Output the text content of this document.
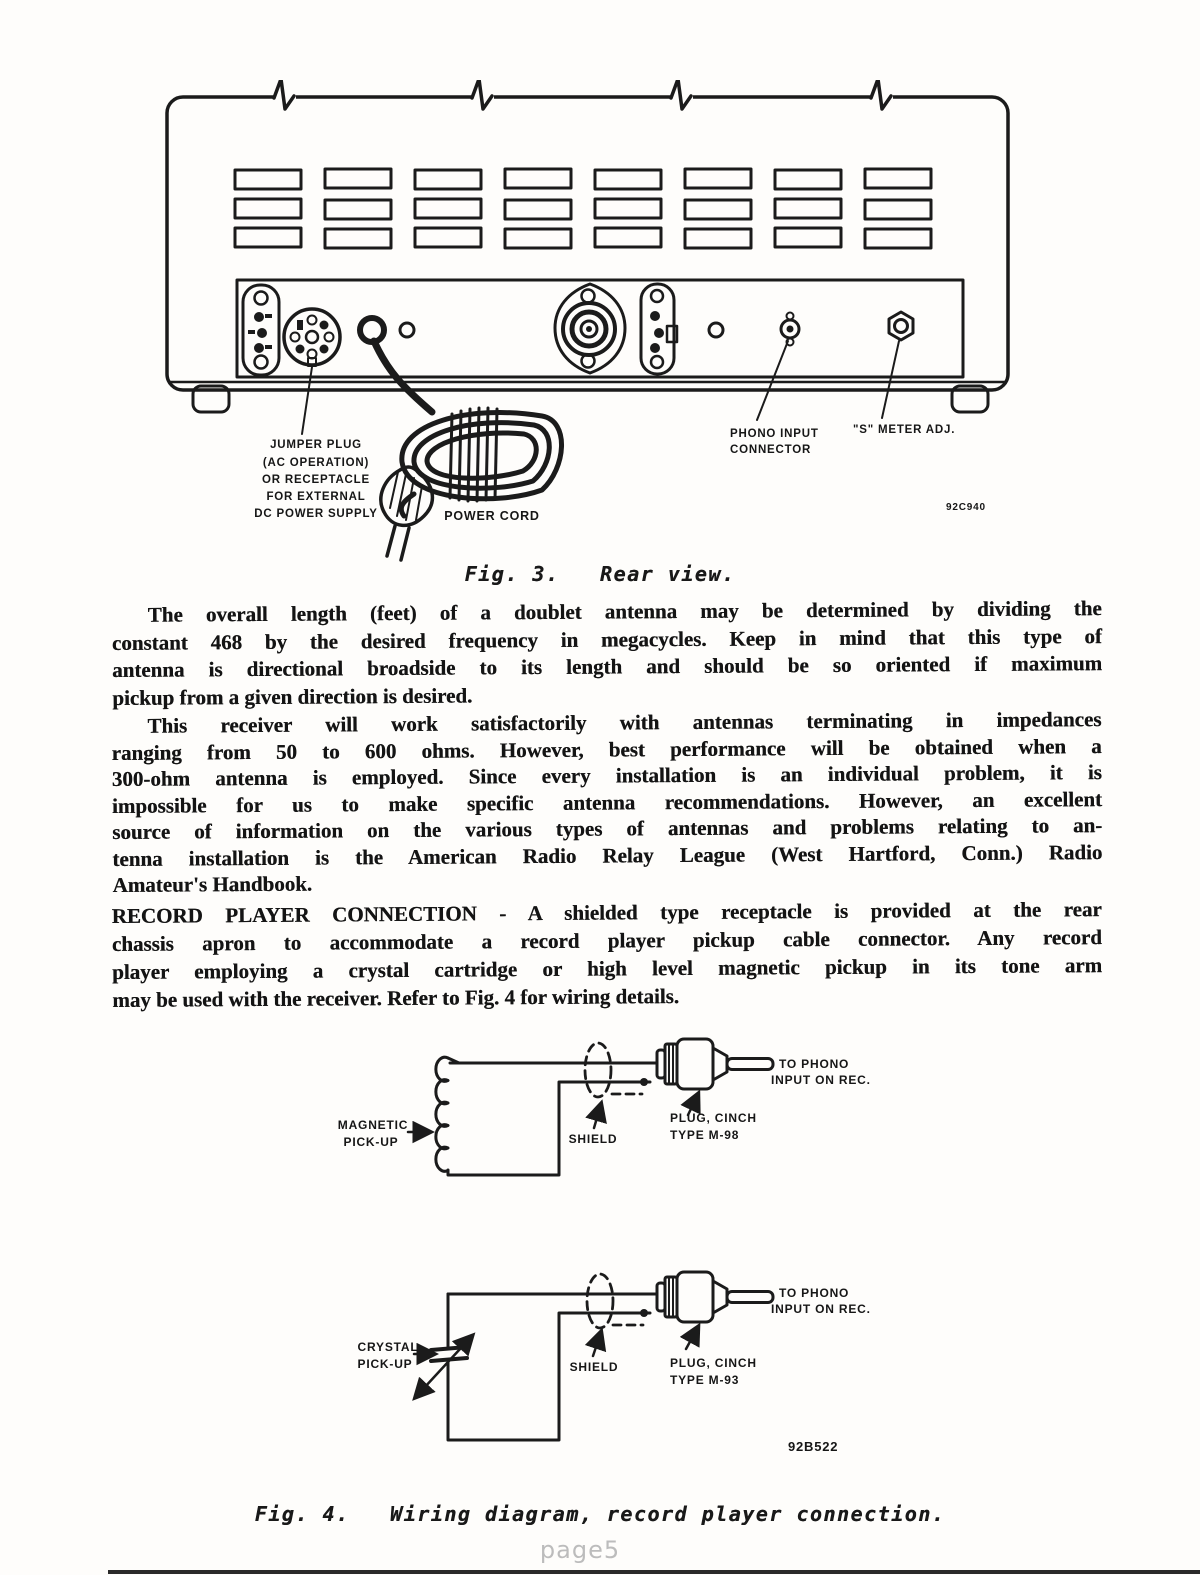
JUMPER PLUG
(AC OPERATION)
OR RECEPTACLE
FOR EXTERNAL
DC POWER SUPPLY	POWER CORD
PHONO INPUT
CONNECTOR
"S" METER ADJ.
92C940
Fig. 3.   Rear view.
The overall length (feet) of a doublet antenna may be determined by dividing the
constant 468 by the desired frequency in megacycles. Keep in mind that this type of
antenna is directional broadside to its length and should be so oriented if maximum
pickup from a given direction is desired.
This receiver will work satisfactorily with antennas terminating in impedances
ranging from 50 to 600 ohms. However, best performance will be obtained when a
300-ohm antenna is employed. Since every installation is an individual problem, it is
impossible for us to make specific antenna recommendations. However, an excellent
source of information on the various types of antennas and problems relating to an-
tenna installation is the American Radio Relay League (West Hartford, Conn.) Radio
Amateur's Handbook.
RECORD PLAYER CONNECTION - A shielded type receptacle is provided at the rear
chassis apron to accommodate a record player pickup cable connector. Any record
player employing a crystal cartridge or high level magnetic pickup in its tone arm
may be used with the receiver. Refer to Fig. 4 for wiring details.
MAGNETIC
PICK-UP	SHIELD
PLUG, CINCH
TYPE M-98
TO PHONO
INPUT ON REC.
CRYSTAL
PICK-UP	SHIELD	PLUG, CINCH
TYPE M-93
TO PHONO
INPUT ON REC.
92B522
Fig. 4.   Wiring diagram, record player connection.
page5
